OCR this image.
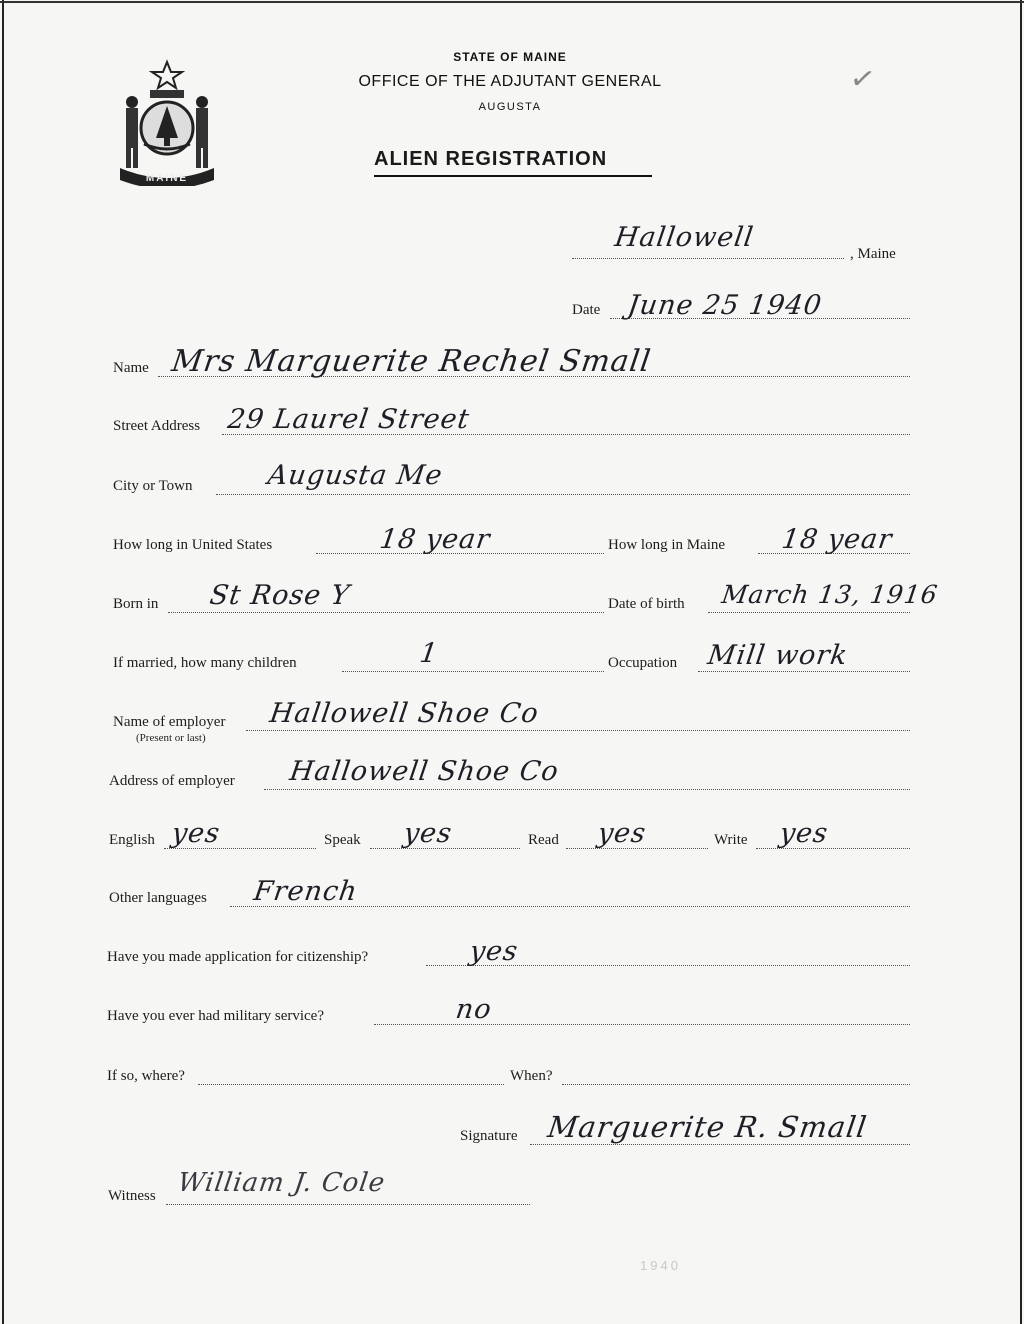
MAINE
STATE OF MAINE
OFFICE OF THE ADJUTANT GENERAL
AUGUSTA
ALIEN REGISTRATION
✓
Hallowell
, Maine
Date June 25 1940
Name Mrs Marguerite Rechel Small
Street Address 29 Laurel Street
City or Town	Augusta Me
How long in United States	18 year	How long in Maine 18 year
Born in St Rose Y	Date of birth March 13, 1916
If married, how many children	1	Occupation Mill work
Name of employer
(Present or last)
Hallowell Shoe Co
Address of employer Hallowell Shoe Co
English yes	Speak yes	Read yes	Write yes
Other languages French
Have you made application for citizenship?	yes
Have you ever had military service?	no
If so, where?	When?
Signature Marguerite R. Small
Witness William J. Cole
1940
